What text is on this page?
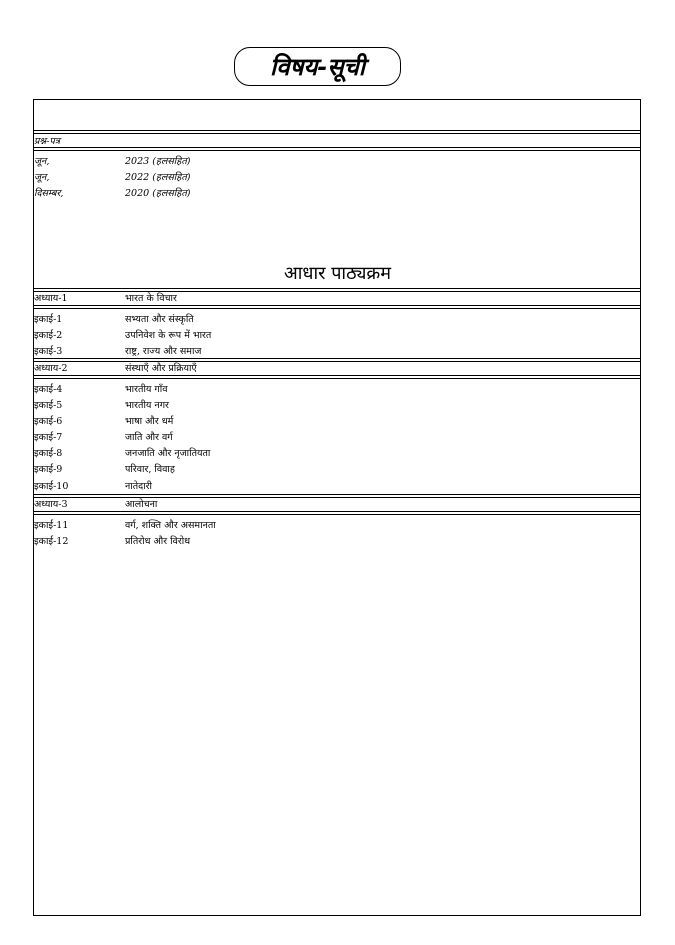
विषय-सूची
प्रश्न-पत्र
जून,	2023 (हलसहित)
जून,	2022 (हलसहित)
दिसम्बर,	2020 (हलसहित)
आधार पाठ्यक्रम
अध्याय-1	भारत के विचार
इकाई-1	सभ्यता और संस्कृति
इकाई-2	उपनिवेश के रूप में भारत
इकाई-3	राष्ट्र, राज्य और समाज
अध्याय-2	संस्थाएँ और प्रक्रियाएँ
इकाई-4	भारतीय गाँव
इकाई-5	भारतीय नगर
इकाई-6	भाषा और धर्म
इकाई-7	जाति और वर्ग
इकाई-8	जनजाति और नृजातियता
इकाई-9	परिवार, विवाह
इकाई-10	नातेदारी
अध्याय-3	आलोचना
इकाई-11	वर्ग, शक्ति और असमानता
इकाई-12	प्रतिरोध और विरोध
